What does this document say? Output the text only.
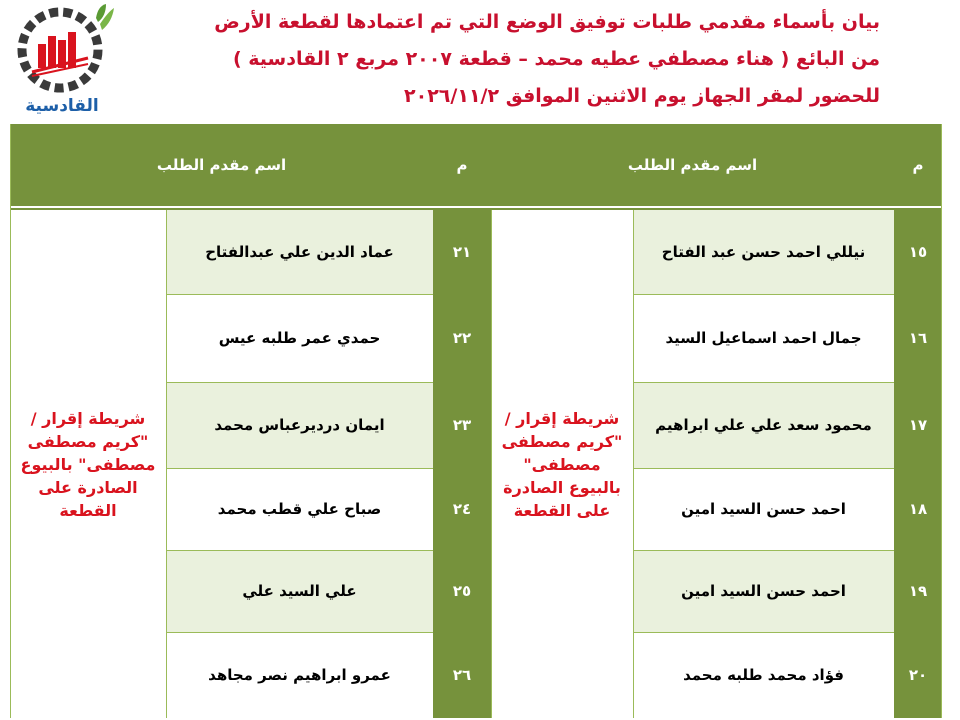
القادسية
بيان بأسماء مقدمي طلبات توفيق الوضع التي تم اعتمادها لقطعة الأرض
من البائع ( هناء مصطفي عطيه محمد – قطعة ٢٠٠٧ مربع ٢ القادسية )
للحضور لمقر الجهاز يوم الاثنين الموافق ٢٠٢٦/١١/٢
م
اسم مقدم الطلب
م
اسم مقدم الطلب
١٥
نيللي احمد حسن عبد الفتاح
١٦
جمال احمد اسماعيل السيد
١٧
محمود سعد علي علي ابراهيم
١٨
احمد حسن السيد امين
١٩
احمد حسن السيد امين
٢٠
فؤاد محمد طلبه محمد
شريطة إقرار / "كريم مصطفى مصطفى" بالبيوع الصادرة على القطعة
٢١
عماد الدين علي عبدالفتاح
٢٢
حمدي عمر طلبه عيس
٢٣
ايمان درديرعباس محمد
٢٤
صباح علي قطب محمد
٢٥
علي السيد علي
٢٦
عمرو ابراهيم نصر مجاهد
شريطة إقرار / "كريم مصطفى مصطفى" بالبيوع الصادرة على القطعة
